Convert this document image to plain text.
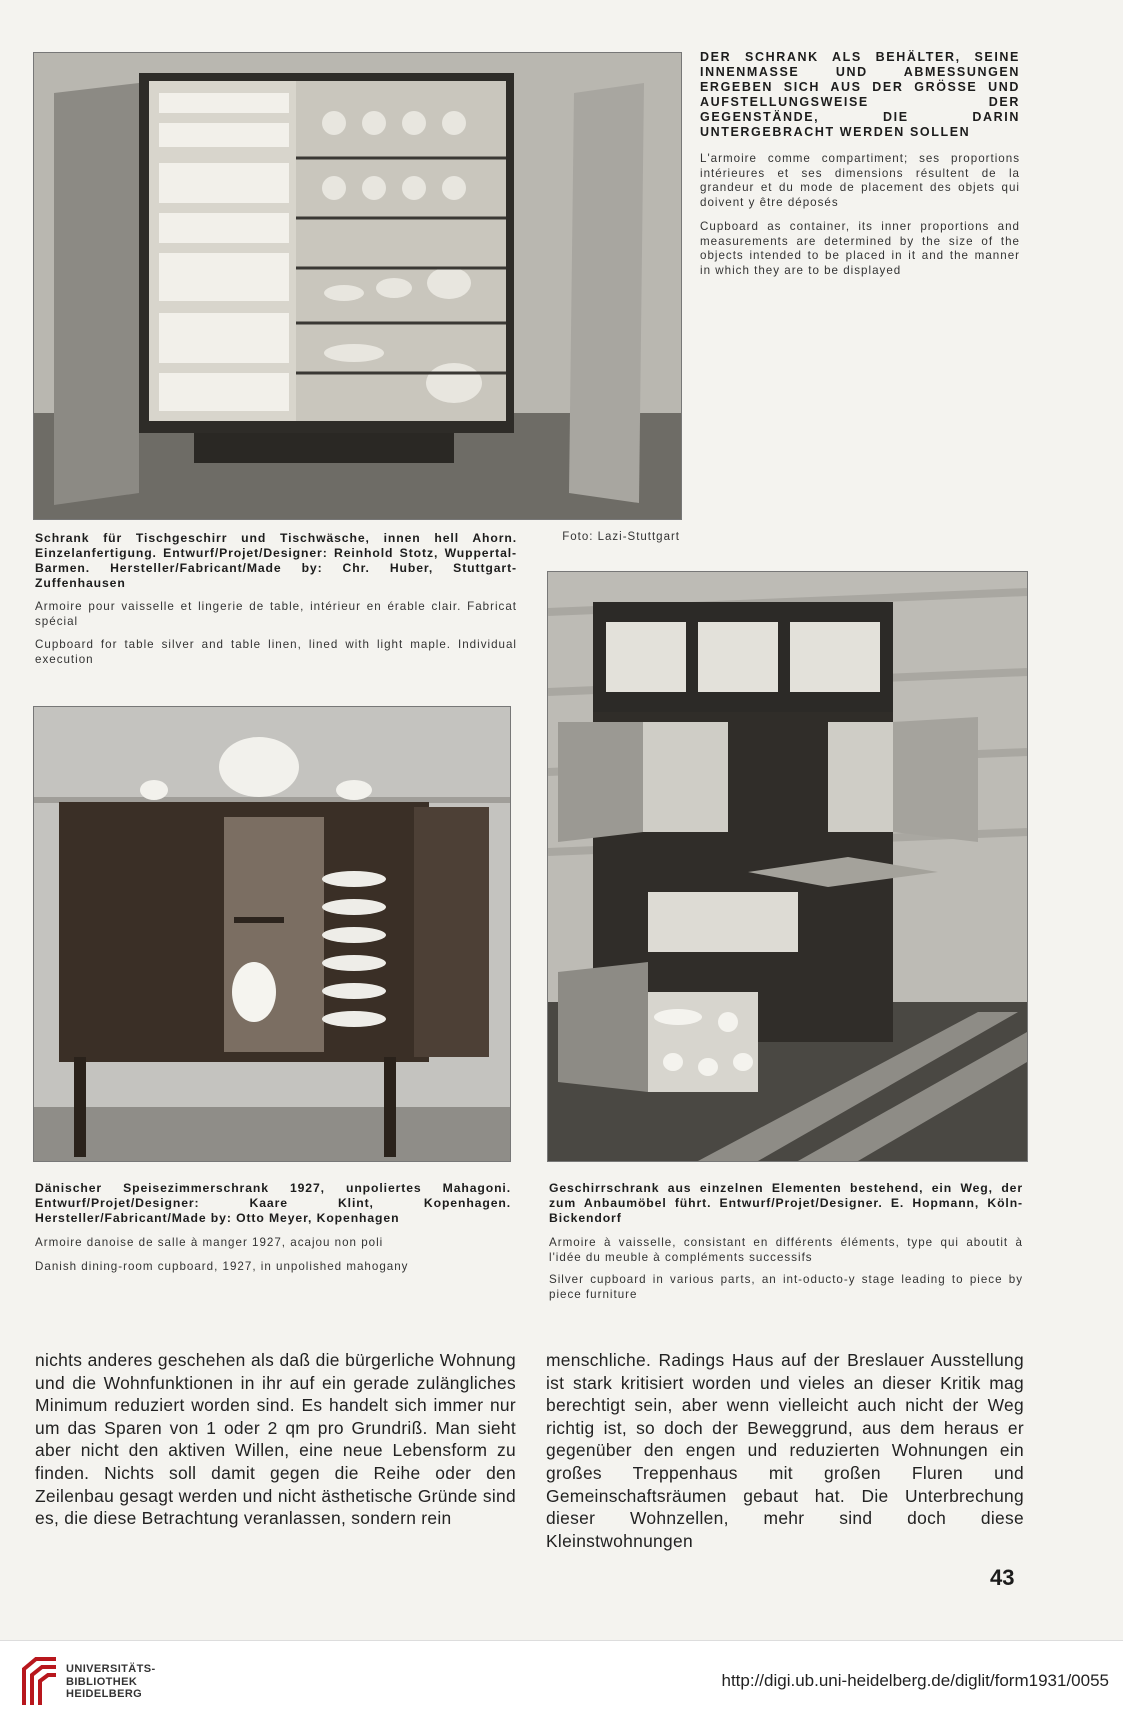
DER SCHRANK ALS BEHÄLTER, SEINE INNENMASSE UND ABMESSUNGEN ERGEBEN SICH AUS DER GRÖSSE UND AUFSTELLUNGSWEISE DER GEGENSTÄNDE, DIE DARIN UNTERGEBRACHT WERDEN SOLLEN

L'armoire comme compartiment; ses proportions intérieures et ses dimensions résultent de la grandeur et du mode de placement des objets qui doivent y être déposés

Cupboard as container, its inner proportions and measurements are determined by the size of the objects intended to be placed in it and the manner in which they are to be displayed

Schrank für Tischgeschirr und Tischwäsche, innen hell Ahorn. Einzelanfertigung. Entwurf/Projet/Designer: Reinhold Stotz, Wuppertal-Barmen. Hersteller/Fabricant/Made by: Chr. Huber, Stuttgart-Zuffenhausen

Armoire pour vaisselle et lingerie de table, intérieur en érable clair. Fabricat spécial

Cupboard for table silver and table linen, lined with light maple. Individual execution

Foto: Lazi-Stuttgart

Dänischer Speisezimmerschrank 1927, unpoliertes Mahagoni. Entwurf/Projet/Designer: Kaare Klint, Kopenhagen. Hersteller/Fabricant/Made by: Otto Meyer, Kopenhagen

Armoire danoise de salle à manger 1927, acajou non poli

Danish dining-room cupboard, 1927, in unpolished mahogany

Geschirrschrank aus einzelnen Elementen bestehend, ein Weg, der zum Anbaumöbel führt. Entwurf/Projet/Designer. E. Hopmann, Köln-Bickendorf

Armoire à vaisselle, consistant en différents éléments, type qui aboutit à l'idée du meuble à compléments successifs

Silver cupboard in various parts, an int-oducto-y stage leading to piece by piece furniture

nichts anderes geschehen als daß die bürgerliche Wohnung und die Wohnfunktionen in ihr auf ein gerade zulängliches Minimum reduziert worden sind. Es handelt sich immer nur um das Sparen von 1 oder 2 qm pro Grundriß. Man sieht aber nicht den aktiven Willen, eine neue Lebensform zu finden. Nichts soll damit gegen die Reihe oder den Zeilenbau gesagt werden und nicht ästhetische Gründe sind es, die diese Betrachtung veranlassen, sondern rein

menschliche. Radings Haus auf der Breslauer Ausstellung ist stark kritisiert worden und vieles an dieser Kritik mag berechtigt sein, aber wenn vielleicht auch nicht der Weg richtig ist, so doch der Beweggrund, aus dem heraus er gegenüber den engen und reduzierten Wohnungen ein großes Treppenhaus mit großen Fluren und Gemeinschaftsräumen gebaut hat. Die Unterbrechung dieser Wohnzellen, mehr sind doch diese Kleinstwohnungen

43
UNIVERSITÄTS-
BIBLIOTHEK
HEIDELBERG
http://digi.ub.uni-heidelberg.de/diglit/form1931/0055
